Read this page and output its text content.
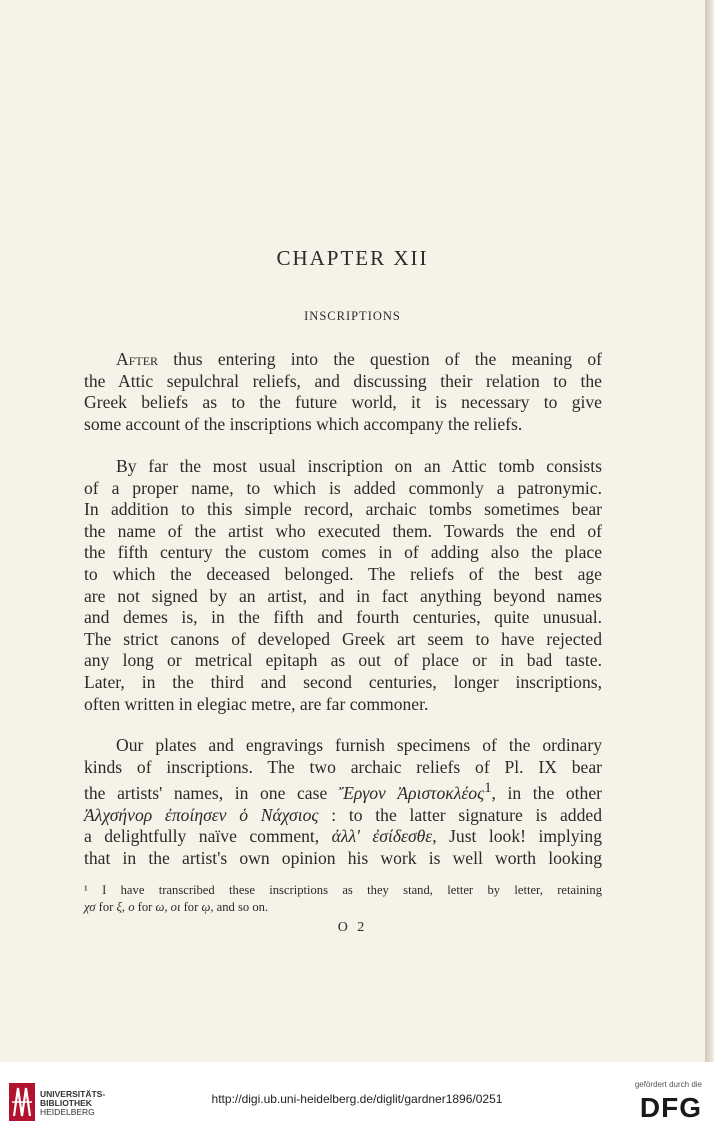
CHAPTER XII
INSCRIPTIONS

After thus entering into the question of the meaning of
the Attic sepulchral reliefs, and discussing their relation to the
Greek beliefs as to the future world, it is necessary to give
some account of the inscriptions which accompany the reliefs.

By far the most usual inscription on an Attic tomb consists
of a proper name, to which is added commonly a patronymic.
In addition to this simple record, archaic tombs sometimes bear
the name of the artist who executed them. Towards the end of
the fifth century the custom comes in of adding also the place
to which the deceased belonged. The reliefs of the best age
are not signed by an artist, and in fact anything beyond names
and demes is, in the fifth and fourth centuries, quite unusual.
The strict canons of developed Greek art seem to have rejected
any long or metrical epitaph as out of place or in bad taste.
Later, in the third and second centuries, longer inscriptions,
often written in elegiac metre, are far commoner.

Our plates and engravings furnish specimens of the ordinary
kinds of inscriptions. The two archaic reliefs of Pl. IX bear
the artists' names, in one case Ἔργον Ἀριστοκλέος$^1$, in the other
Ἀλχσήνορ ἐποίησεν ὁ Νάχσιος : to the latter signature is added
a delightfully naïve comment, ἀλλ' ἐσίδεσθε, Just look! implying
that in the artist's own opinion his work is well worth looking

¹ I have transcribed these inscriptions as they stand, letter by letter, retaining
χσ for ξ, ο for ω, οι for ῳ, and so on.
O 2
UNIVERSITÄTS-
BIBLIOTHEK
HEIDELBERG
http://digi.ub.uni-heidelberg.de/diglit/gardner1896/0251
gefördert durch die
DFG
